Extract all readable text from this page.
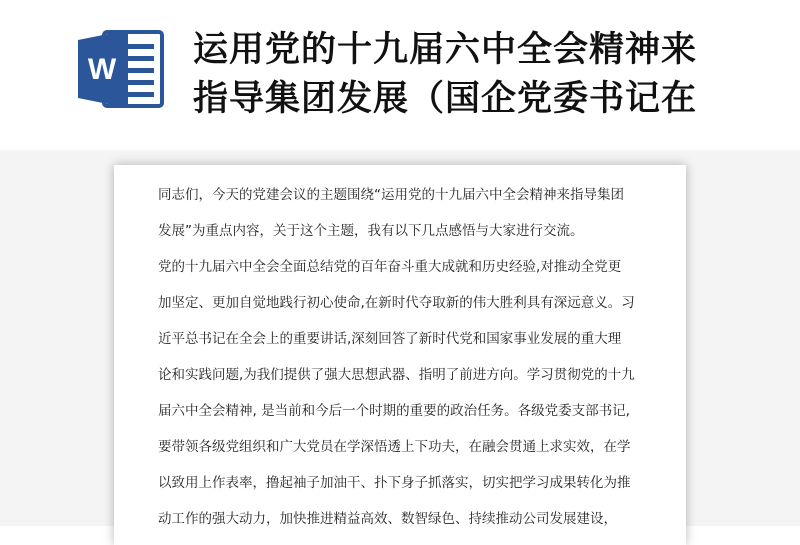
W 运用党的十九届六中全会精神来
指导集团发展（国企党委书记在
同志们，今天的党建会议的主题围绕“运用党的十九届六中全会精神来指导集团
发展”为重点内容，关于这个主题，我有以下几点感悟与大家进行交流。
党的十九届六中全会全面总结党的百年奋斗重大成就和历史经验,对推动全党更
加坚定、更加自觉地践行初心使命,在新时代夺取新的伟大胜利具有深远意义。习
近平总书记在全会上的重要讲话,深刻回答了新时代党和国家事业发展的重大理
论和实践问题,为我们提供了强大思想武器、指明了前进方向。学习贯彻党的十九
届六中全会精神, 是当前和今后一个时期的重要的政治任务。各级党委支部书记,
要带领各级党组织和广大党员在学深悟透上下功夫，在融会贯通上求实效，在学
以致用上作表率，撸起袖子加油干、扑下身子抓落实，切实把学习成果转化为推
动工作的强大动力，加快推进精益高效、数智绿色、持续推动公司发展建设，
